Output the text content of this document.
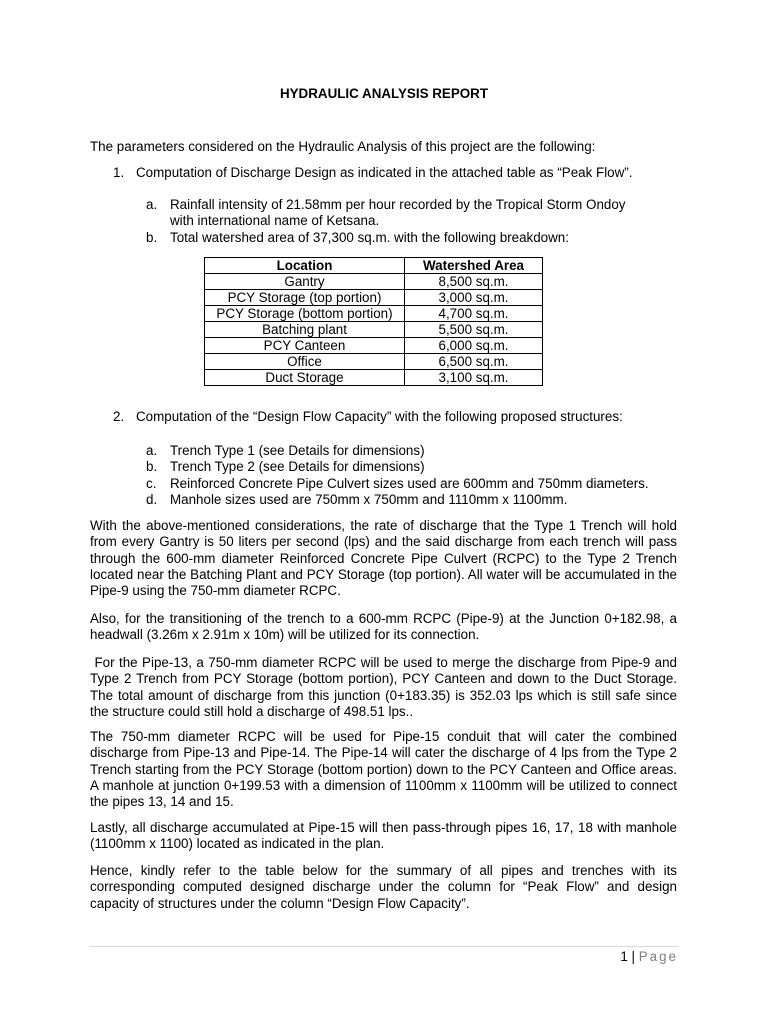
HYDRAULIC ANALYSIS REPORT
The parameters considered on the Hydraulic Analysis of this project are the following:
1. Computation of Discharge Design as indicated in the attached table as “Peak Flow”.
a. Rainfall intensity of 21.58mm per hour recorded by the Tropical Storm Ondoy with international name of Ketsana.
b. Total watershed area of 37,300 sq.m. with the following breakdown:
Location	Watershed Area
Gantry	8,500 sq.m.
PCY Storage (top portion)	3,000 sq.m.
PCY Storage (bottom portion)	4,700 sq.m.
Batching plant	5,500 sq.m.
PCY Canteen	6,000 sq.m.
Office	6,500 sq.m.
Duct Storage	3,100 sq.m.
2. Computation of the “Design Flow Capacity” with the following proposed structures:
a. Trench Type 1 (see Details for dimensions)
b. Trench Type 2 (see Details for dimensions)
c. Reinforced Concrete Pipe Culvert sizes used are 600mm and 750mm diameters.
d. Manhole sizes used are 750mm x 750mm and 1110mm x 1100mm.
With the above-mentioned considerations, the rate of discharge that the Type 1 Trench will hold from every Gantry is 50 liters per second (lps) and the said discharge from each trench will pass through the 600-mm diameter Reinforced Concrete Pipe Culvert (RCPC) to the Type 2 Trench located near the Batching Plant and PCY Storage (top portion). All water will be accumulated in the Pipe-9 using the 750-mm diameter RCPC.
Also, for the transitioning of the trench to a 600-mm RCPC (Pipe-9) at the Junction 0+182.98, a headwall (3.26m x 2.91m x 10m) will be utilized for its connection.
For the Pipe-13, a 750-mm diameter RCPC will be used to merge the discharge from Pipe-9 and Type 2 Trench from PCY Storage (bottom portion), PCY Canteen and down to the Duct Storage. The total amount of discharge from this junction (0+183.35) is 352.03 lps which is still safe since the structure could still hold a discharge of 498.51 lps..
The 750-mm diameter RCPC will be used for Pipe-15 conduit that will cater the combined discharge from Pipe-13 and Pipe-14. The Pipe-14 will cater the discharge of 4 lps from the Type 2 Trench starting from the PCY Storage (bottom portion) down to the PCY Canteen and Office areas. A manhole at junction 0+199.53 with a dimension of 1100mm x 1100mm will be utilized to connect the pipes 13, 14 and 15.
Lastly, all discharge accumulated at Pipe-15 will then pass-through pipes 16, 17, 18 with manhole (1100mm x 1100) located as indicated in the plan.
Hence, kindly refer to the table below for the summary of all pipes and trenches with its corresponding computed designed discharge under the column for “Peak Flow” and design capacity of structures under the column “Design Flow Capacity”.
1 | Page
